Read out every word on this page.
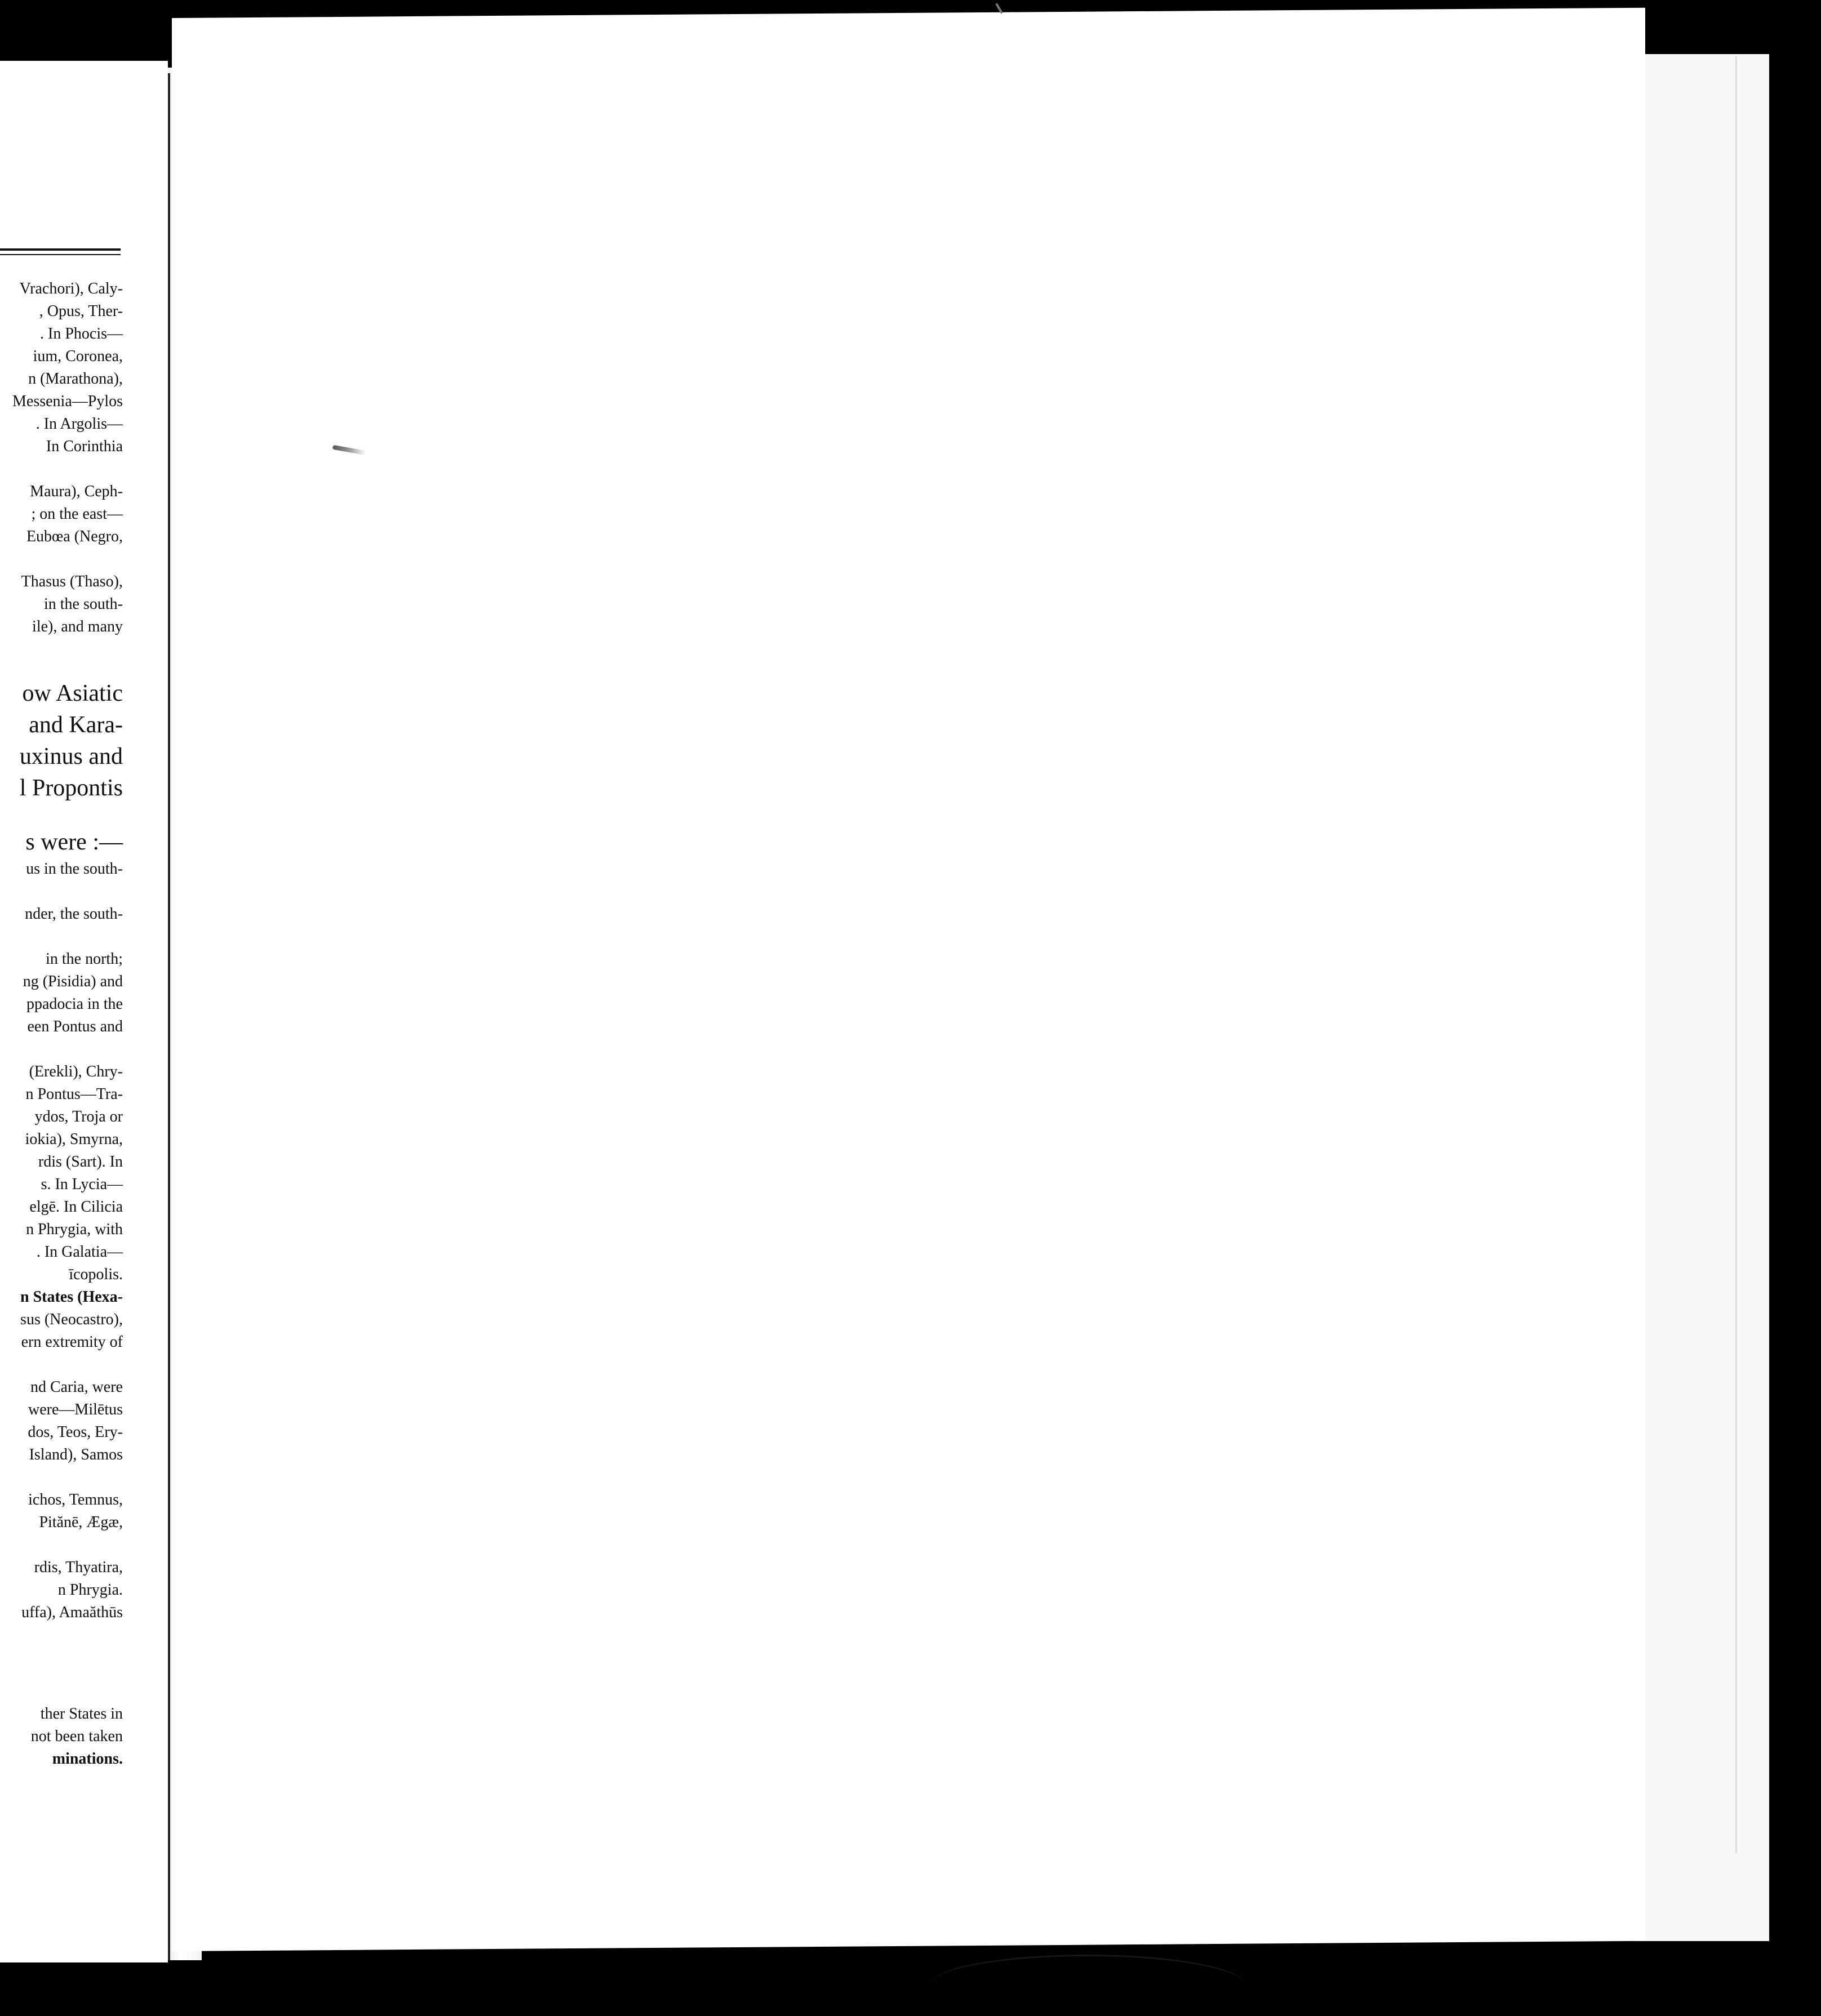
Vrachori), Caly-
, Opus, Ther-
. In Phocis—
ium, Coronea,
n (Marathona),
Messenia—Pylos
. In Argolis—
In Corinthia
Maura), Ceph-
; on the east—
Eubœa (Negro,
Thasus (Thaso),
in the south-
ile), and many
ow Asiatic
and Kara-
uxinus and
l Propontis
s were :—
us in the south-
nder, the south-
in the north;
ng (Pisidia) and
ppadocia in the
een Pontus and
(Erekli), Chry-
n Pontus—Tra-
ydos, Troja or
iokia), Smyrna,
rdis (Sart). In
s. In Lycia—
elgē. In Cilicia
n Phrygia, with
. In Galatia—
īcopolis.
n States (Hexa-
sus (Neocastro),
ern extremity of
nd Caria, were
were—Milētus
dos, Teos, Ery-
Island), Samos
ichos, Temnus,
Pitănē, Ægæ,
rdis, Thyatira,
n Phrygia.
uffa), Amaăthūs
ther States in
not been taken
minations.
